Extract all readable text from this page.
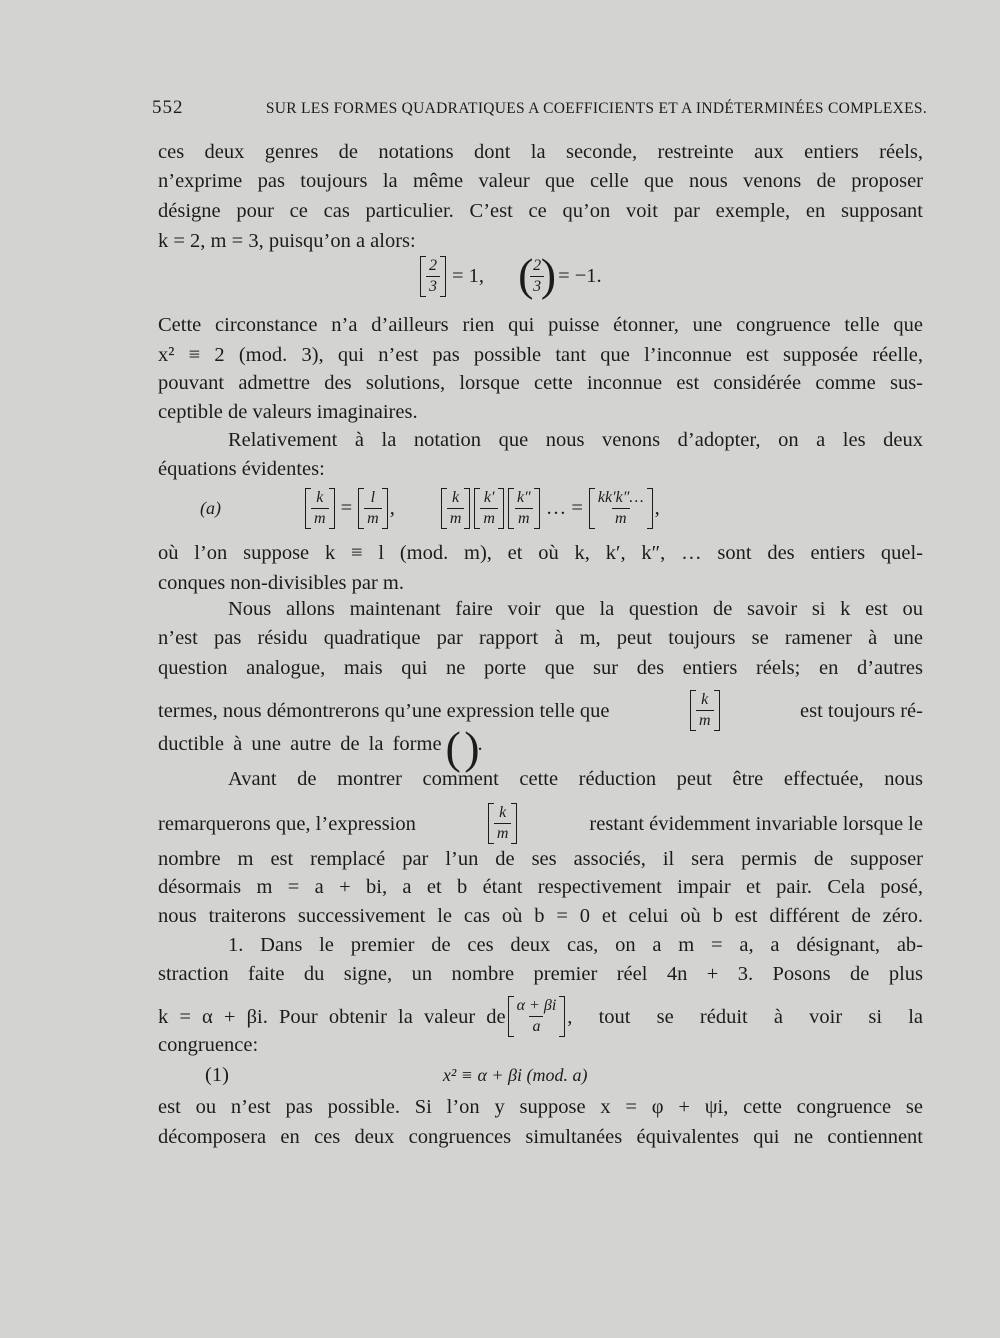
552	SUR LES FORMES QUADRATIQUES A COEFFICIENTS ET A INDÉTERMINÉES COMPLEXES.
ces deux genres de notations dont la seconde, restreinte aux entiers réels,
n’exprime pas toujours la même valeur que celle que nous venons de proposer
désigne pour ce cas particulier. C’est ce qu’on voit par exemple, en supposant
k = 2, m = 3, puisqu’on a alors:
$\frac{2}{3} = 1$,	( $\frac{2}{3}$
) = −1.
Cette circonstance n’a d’ailleurs rien qui puisse étonner, une congruence telle que
x² ≡ 2 (mod. 3), qui n’est pas possible tant que l’inconnue est supposée réelle,
pouvant admettre des solutions, lorsque cette inconnue est considérée comme sus-
ceptible de valeurs imaginaires.
Relativement à la notation que nous venons d’adopter, on a les deux
équations évidentes:
(a)	$\frac{k}{m} = \frac{l}{m}$ ,	$\frac{k}{m} \frac{k'}{m} \frac{k''}{m}$ … = $\frac{kk'k''\dots}{m}$ ,
où l’on suppose k ≡ l (mod. m), et où k, k′, k″, … sont des entiers quel-
conques non-divisibles par m.
Nous allons maintenant faire voir que la question de savoir si k est ou
n’est pas résidu quadratique par rapport à m, peut toujours se ramener à une
question analogue, mais qui ne porte que sur des entiers réels; en d’autres
termes, nous démontrerons qu’une expression telle que	$\frac{k}{m}$	est toujours ré-
ductible à une autre de la forme ( ) .
Avant de montrer comment cette réduction peut être effectuée, nous
remarquerons que, l’expression	$\frac{k}{m}$	restant évidemment invariable lorsque le
nombre m est remplacé par l’un de ses associés, il sera permis de supposer
désormais m = a + bi, a et b étant respectivement impair et pair. Cela posé,
nous traiterons successivement le cas où b = 0 et celui où b est différent de zéro.
1. Dans le premier de ces deux cas, on a m = a, a désignant, ab-
straction faite du signe, un nombre premier réel 4n + 3. Posons de plus
k = α + βi. Pour obtenir la valeur de $\frac{\alpha + \beta i}{a}$ , tout se réduit à voir si la
congruence:
(1)	x² ≡ α + βi (mod. a)
est ou n’est pas possible. Si l’on y suppose x = φ + ψi, cette congruence se
décomposera en ces deux congruences simultanées équivalentes qui ne contiennent
